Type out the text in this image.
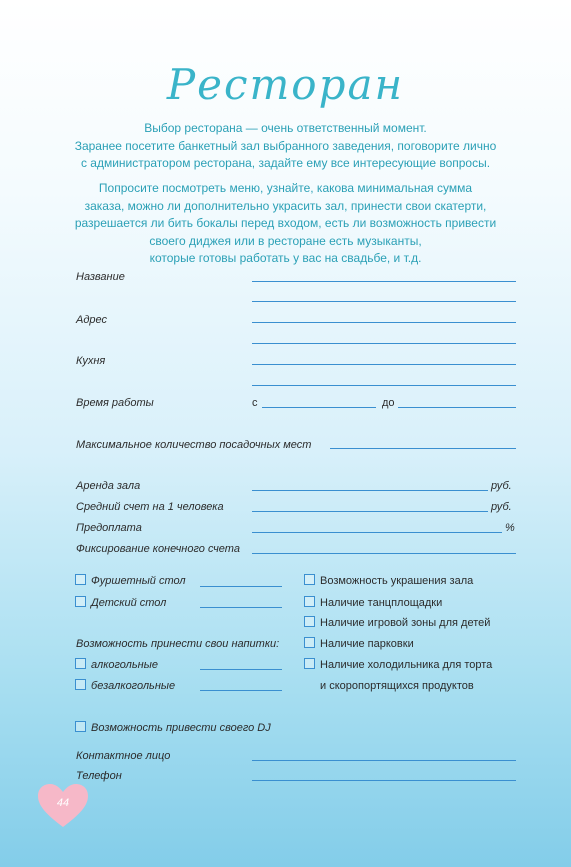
Ресторан
Выбор ресторана — очень ответственный момент.
Заранее посетите банкетный зал выбранного заведения, поговорите лично
с администратором ресторана, задайте ему все интересующие вопросы.
Попросите посмотреть меню, узнайте, какова минимальная сумма
заказа, можно ли дополнительно украсить зал, принести свои скатерти,
разрешается ли бить бокалы перед входом, есть ли возможность привести
своего диджея или в ресторане есть музыканты,
которые готовы работать у вас на свадьбе, и т.д.
Название
Адрес
Кухня
Время работы	с	до
Максимальное количество посадочных мест
Аренда зала	руб.
Средний счет на 1 человека	руб.
Предоплата	%
Фиксирование конечного счета
Фуршетный стол
Детский стол
Возможность принести свои напитки:
алкогольные
безалкогольные
Возможность украшения зала
Наличие танцплощадки
Наличие игровой зоны для детей
Наличие парковки
Наличие холодильника для торта
и скоропортящихся продуктов
Возможность привести своего DJ
Контактное лицо
Телефон
44
